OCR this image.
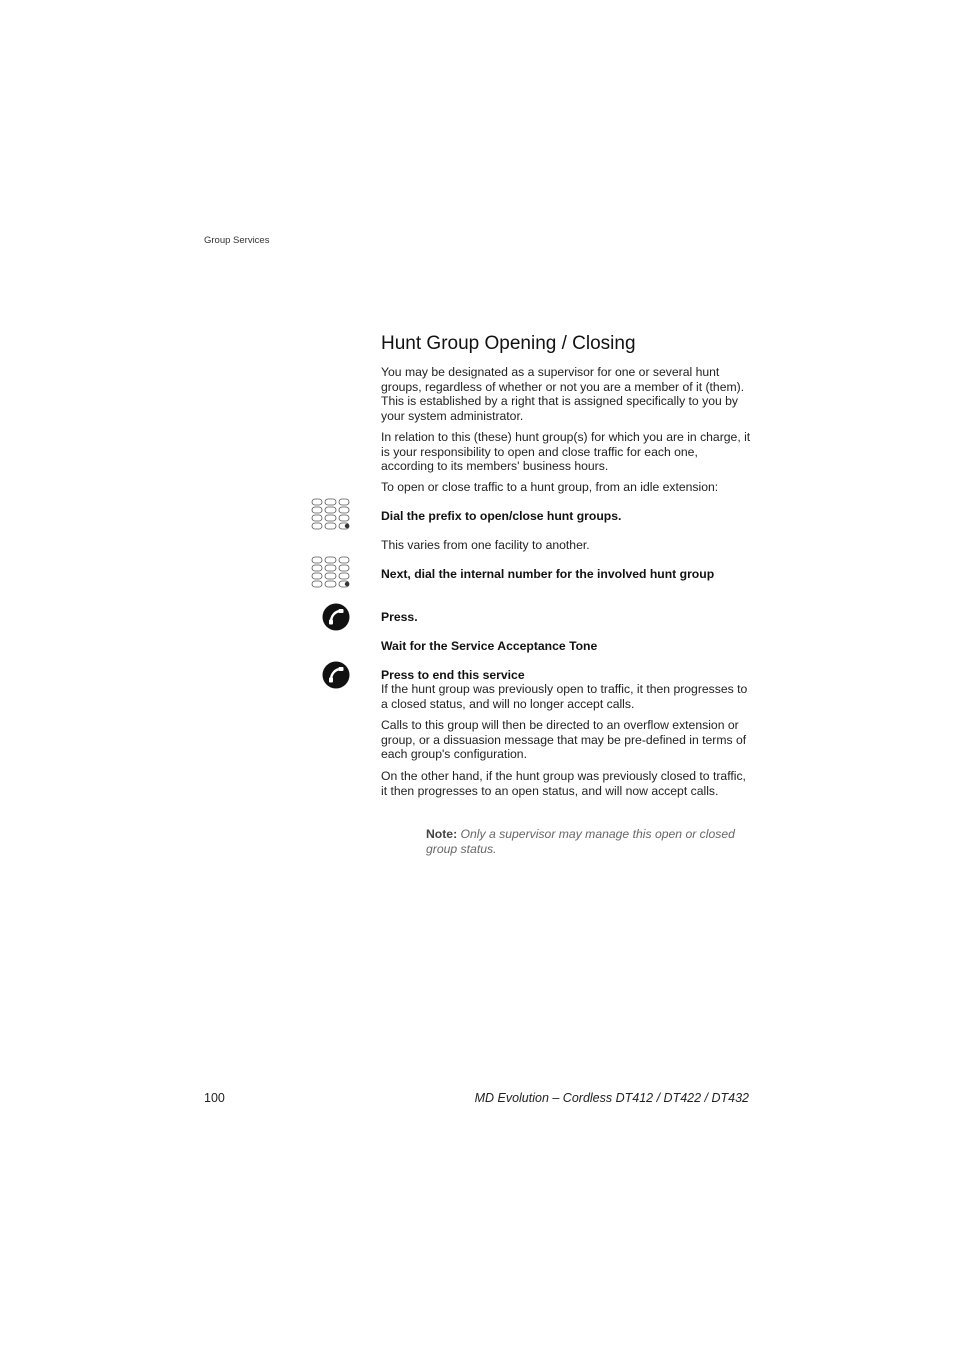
Group Services
Hunt Group Opening / Closing
You may be designated as a supervisor for one or several hunt groups, regardless of whether or not you are a member of it (them). This is established by a right that is assigned specifically to you by your system administrator.
In relation to this (these) hunt group(s) for which you are in charge, it is your responsibility to open and close traffic for each one, according to its members' business hours.
To open or close traffic to a hunt group, from an idle extension:
Dial the prefix to open/close hunt groups.
This varies from one facility to another.
Next, dial the internal number for the involved hunt group
Press.
Wait for the Service Acceptance Tone
Press to end this service
If the hunt group was previously open to traffic, it then progresses to a closed status, and will no longer accept calls.
Calls to this group will then be directed to an overflow extension or group, or a dissuasion message that may be pre-defined in terms of each group's configuration.
On the other hand, if the hunt group was previously closed to traffic, it then progresses to an open status, and will now accept calls.
Note: Only a supervisor may manage this open or closed group status.
100	MD Evolution – Cordless DT412 / DT422 / DT432
